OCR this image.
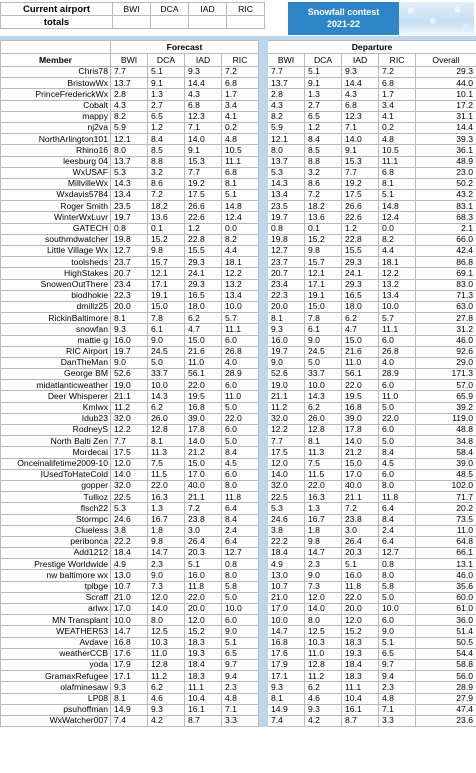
Current airport	BWI	DCA	IAD	RIC
totals				
Snowfall contest
2021-22
❄
❄
❄
☃
	Forecast					Departure				
Member	BWI	DCA	IAD	RIC		BWI	DCA	IAD	RIC	Overall
Chris78	7.7	5.1	9.3	7.2		7.7	5.1	9.3	7.2	29.3
BristowWx	13.7	9.1	14.4	6.8		13.7	9.1	14.4	6.8	44.0
PrinceFrederickWx	2.8	1.3	4.3	1.7		2.8	1.3	4.3	1.7	10.1
Cobalt	4.3	2.7	6.8	3.4		4.3	2.7	6.8	3.4	17.2
mappy	8.2	6.5	12.3	4.1		8.2	6.5	12.3	4.1	31.1
nj2va	5.9	1.2	7.1	0.2		5.9	1.2	7.1	0.2	14.4
NorthArlington101	12.1	8.4	14.0	4.8		12.1	8.4	14.0	4.8	39.3
Rhino16	8.0	8.5	9.1	10.5		8.0	8.5	9.1	10.5	36.1
leesburg 04	13.7	8.8	15.3	11.1		13.7	8.8	15.3	11.1	48.9
WxUSAF	5.3	3.2	7.7	6.8		5.3	3.2	7.7	6.8	23.0
MillvilleWx	14.3	8.6	19.2	8.1		14.3	8.6	19.2	8.1	50.2
Wxdavis5784	13.4	7.2	17.5	5.1		13.4	7.2	17.5	5.1	43.2
Roger Smith	23.5	18.2	26.6	14.8		23.5	18.2	26.6	14.8	83.1
WinterWxLuvr	19.7	13.6	22.6	12.4		19.7	13.6	22.6	12.4	68.3
GATECH	0.8	0.1	1.2	0.0		0.8	0.1	1.2	0.0	2.1
southmdwatcher	19.8	15.2	22.8	8.2		19.8	15.2	22.8	8.2	66.0
Little Village Wx	12.7	9.8	15.5	4.4		12.7	9.8	15.5	4.4	42.4
toolsheds	23.7	15.7	29.3	18.1		23.7	15.7	29.3	18.1	86.8
HighStakes	20.7	12.1	24.1	12.2		20.7	12.1	24.1	12.2	69.1
SnowenOutThere	23.4	17.1	29.3	13.2		23.4	17.1	29.3	13.2	83.0
biodhokie	22.3	19.1	16.5	13.4		22.3	19.1	16.5	13.4	71.3
dmillz25	20.0	15.0	18.0	10.0		20.0	15.0	18.0	10.0	63.0
RickinBaltimore	8.1	7.8	6.2	5.7		8.1	7.8	6.2	5.7	27.8
snowfan	9.3	6.1	4.7	11.1		9.3	6.1	4.7	11.1	31.2
mattie g	16.0	9.0	15.0	6.0		16.0	9.0	15.0	6.0	46.0
RIC Airport	19.7	24.5	21.6	26.8		19.7	24.5	21.6	26.8	92.6
DanTheMan	9.0	5.0	11.0	4.0		9.0	5.0	11.0	4.0	29.0
George BM	52.6	33.7	56.1	28.9		52.6	33.7	56.1	28.9	171.3
midatlanticweather	19.0	10.0	22.0	6.0		19.0	10.0	22.0	6.0	57.0
Deer Whisperer	21.1	14.3	19.5	11.0		21.1	14.3	19.5	11.0	65.9
Kmlwx	11.2	6.2	16.8	5.0		11.2	6.2	16.8	5.0	39.2
Idub23	32.0	26.0	39.0	22.0		32.0	26.0	39.0	22.0	119.0
RodneyS	12.2	12.8	17.8	6.0		12.2	12.8	17.8	6.0	48.8
North Balti Zen	7.7	8.1	14.0	5.0		7.7	8.1	14.0	5.0	34.8
Mordecai	17.5	11.3	21.2	8.4		17.5	11.3	21.2	8.4	58.4
Onceinalifetime2009-10	12.0	7.5	15.0	4.5		12.0	7.5	15.0	4.5	39.0
IUsedToHateCold	14.0	11.5	17.0	6.0		14.0	11.5	17.0	6.0	48.5
gopper	32.0	22.0	40.0	8.0		32.0	22.0	40.0	8.0	102.0
Tullioz	22.5	16.3	21.1	11.8		22.5	16.3	21.1	11.8	71.7
flsch22	5.3	1.3	7.2	6.4		5.3	1.3	7.2	6.4	20.2
Stormpc	24.6	16.7	23.8	8.4		24.6	16.7	23.8	8.4	73.5
Clueless	3.8	1.8	3.0	2.4		3.8	1.8	3.0	2.4	11.0
peribonca	22.2	9.8	26.4	6.4		22.2	9.8	26.4	6.4	64.8
Add1212	18.4	14.7	20.3	12.7		18.4	14.7	20.3	12.7	66.1
Prestige Worldwide	4.9	2.3	5.1	0.8		4.9	2.3	5.1	0.8	13.1
nw baltimore wx	13.0	9.0	16.0	8.0		13.0	9.0	16.0	8.0	46.0
tplbge	10.7	7.3	11.8	5.8		10.7	7.3	11.8	5.8	35.6
Scraff	21.0	12.0	22.0	5.0		21.0	12.0	22.0	5.0	60.0
arlwx	17.0	14.0	20.0	10.0		17.0	14.0	20.0	10.0	61.0
MN Transplant	10.0	8.0	12.0	6.0		10.0	8.0	12.0	6.0	36.0
WEATHER53	14.7	12.5	15.2	9.0		14.7	12.5	15.2	9.0	51.4
Avdave	16.8	10.3	18.3	5.1		16.8	10.3	18.3	5.1	50.5
weatherCCB	17.6	11.0	19.3	6.5		17.6	11.0	19.3	6.5	54.4
yoda	17.9	12.8	18.4	9.7		17.9	12.8	18.4	9.7	58.8
GramaxRefugee	17.1	11.2	18.3	9.4		17.1	11.2	18.3	9.4	56.0
olafminesaw	9.3	6.2	11.1	2.3		9.3	6.2	11.1	2.3	28.9
LP08	8.1	4.6	10.4	4.8		8.1	4.6	10.4	4.8	27.9
psuhoffman	14.9	9.3	16.1	7.1		14.9	9.3	16.1	7.1	47.4
WxWatcher007	7.4	4.2	8.7	3.3		7.4	4.2	8.7	3.3	23.6
